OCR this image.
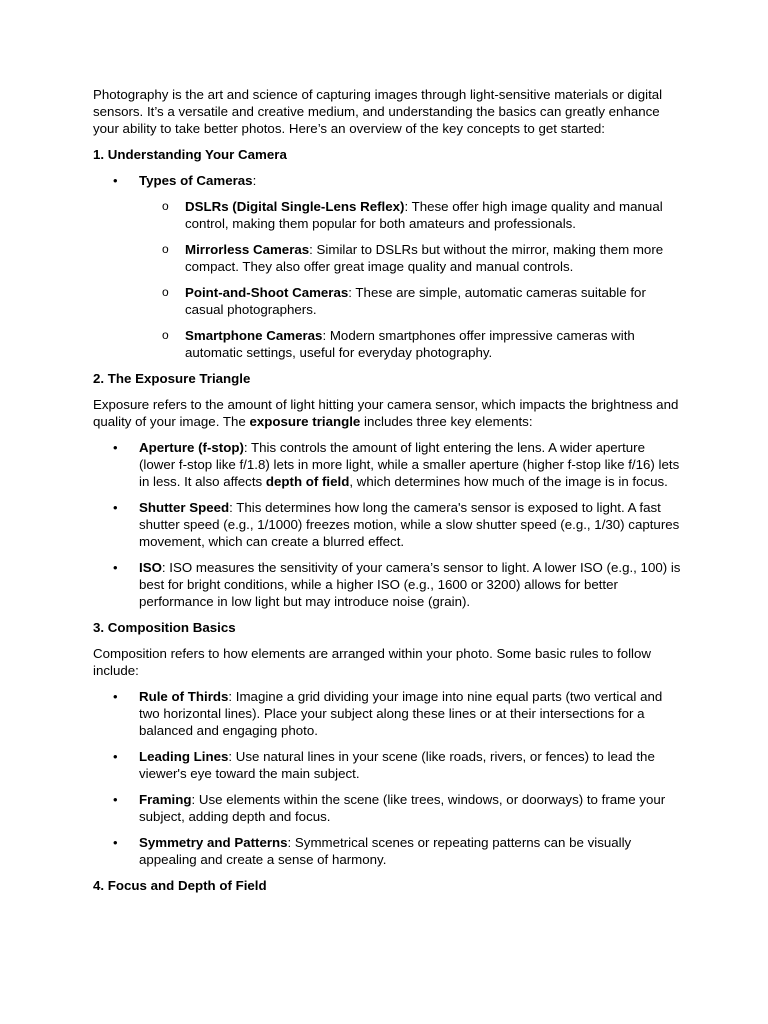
Photography is the art and science of capturing images through light-sensitive materials or digital sensors. It’s a versatile and creative medium, and understanding the basics can greatly enhance your ability to take better photos. Here’s an overview of the key concepts to get started:

1. Understanding Your Camera

• Types of Cameras:
o DSLRs (Digital Single-Lens Reflex): These offer high image quality and manual control, making them popular for both amateurs and professionals.
o Mirrorless Cameras: Similar to DSLRs but without the mirror, making them more compact. They also offer great image quality and manual controls.
o Point-and-Shoot Cameras: These are simple, automatic cameras suitable for casual photographers.
o Smartphone Cameras: Modern smartphones offer impressive cameras with automatic settings, useful for everyday photography.

2. The Exposure Triangle

Exposure refers to the amount of light hitting your camera sensor, which impacts the brightness and quality of your image. The exposure triangle includes three key elements:

• Aperture (f-stop): This controls the amount of light entering the lens. A wider aperture (lower f-stop like f/1.8) lets in more light, while a smaller aperture (higher f-stop like f/16) lets in less. It also affects depth of field, which determines how much of the image is in focus.
• Shutter Speed: This determines how long the camera's sensor is exposed to light. A fast shutter speed (e.g., 1/1000) freezes motion, while a slow shutter speed (e.g., 1/30) captures movement, which can create a blurred effect.
• ISO: ISO measures the sensitivity of your camera’s sensor to light. A lower ISO (e.g., 100) is best for bright conditions, while a higher ISO (e.g., 1600 or 3200) allows for better performance in low light but may introduce noise (grain).

3. Composition Basics

Composition refers to how elements are arranged within your photo. Some basic rules to follow include:

• Rule of Thirds: Imagine a grid dividing your image into nine equal parts (two vertical and two horizontal lines). Place your subject along these lines or at their intersections for a balanced and engaging photo.
• Leading Lines: Use natural lines in your scene (like roads, rivers, or fences) to lead the viewer's eye toward the main subject.
• Framing: Use elements within the scene (like trees, windows, or doorways) to frame your subject, adding depth and focus.
• Symmetry and Patterns: Symmetrical scenes or repeating patterns can be visually appealing and create a sense of harmony.

4. Focus and Depth of Field
